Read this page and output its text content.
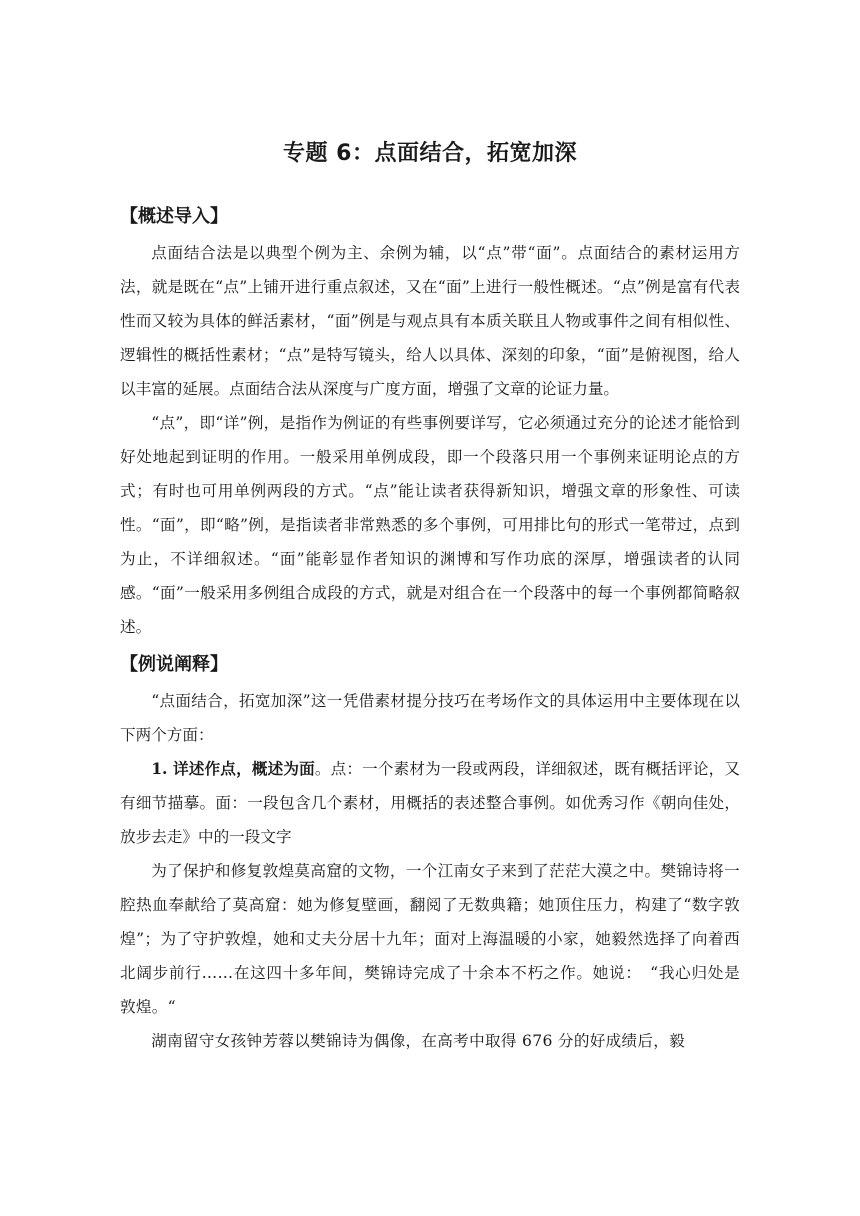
专题 6：点面结合，拓宽加深
【概述导入】

点面结合法是以典型个例为主、余例为辅，以“点”带“面”。点面结合的素材运用方法，就是既在“点”上铺开进行重点叙述，又在“面”上进行一般性概述。“点”例是富有代表性而又较为具体的鲜活素材，“面”例是与观点具有本质关联且人物或事件之间有相似性、逻辑性的概括性素材；“点”是特写镜头，给人以具体、深刻的印象，“面”是俯视图，给人以丰富的延展。点面结合法从深度与广度方面，增强了文章的论证力量。

“点”，即“详”例，是指作为例证的有些事例要详写，它必须通过充分的论述才能恰到好处地起到证明的作用。一般采用单例成段，即一个段落只用一个事例来证明论点的方式；有时也可用单例两段的方式。“点”能让读者获得新知识，增强文章的形象性、可读性。“面”，即“略”例，是指读者非常熟悉的多个事例，可用排比句的形式一笔带过，点到为止，不详细叙述。“面”能彰显作者知识的渊博和写作功底的深厚，增强读者的认同感。“面”一般采用多例组合成段的方式，就是对组合在一个段落中的每一个事例都简略叙述。

【例说阐释】

“点面结合，拓宽加深”这一凭借素材提分技巧在考场作文的具体运用中主要体现在以下两个方面：

1. 详述作点，概述为面。点：一个素材为一段或两段，详细叙述，既有概括评论，又有细节描摹。面：一段包含几个素材，用概括的表述整合事例。如优秀习作《朝向佳处，放步去走》中的一段文字

为了保护和修复敦煌莫高窟的文物，一个江南女子来到了茫茫大漠之中。樊锦诗将一腔热血奉献给了莫高窟：她为修复壁画，翻阅了无数典籍；她顶住压力，构建了“数字敦煌”；为了守护敦煌，她和丈夫分居十九年；面对上海温暖的小家，她毅然选择了向着西北阔步前行……在这四十多年间，樊锦诗完成了十余本不朽之作。她说：　“我心归处是敦煌。“

湖南留守女孩钟芳蓉以樊锦诗为偶像，在高考中取得 676 分的好成绩后，毅
